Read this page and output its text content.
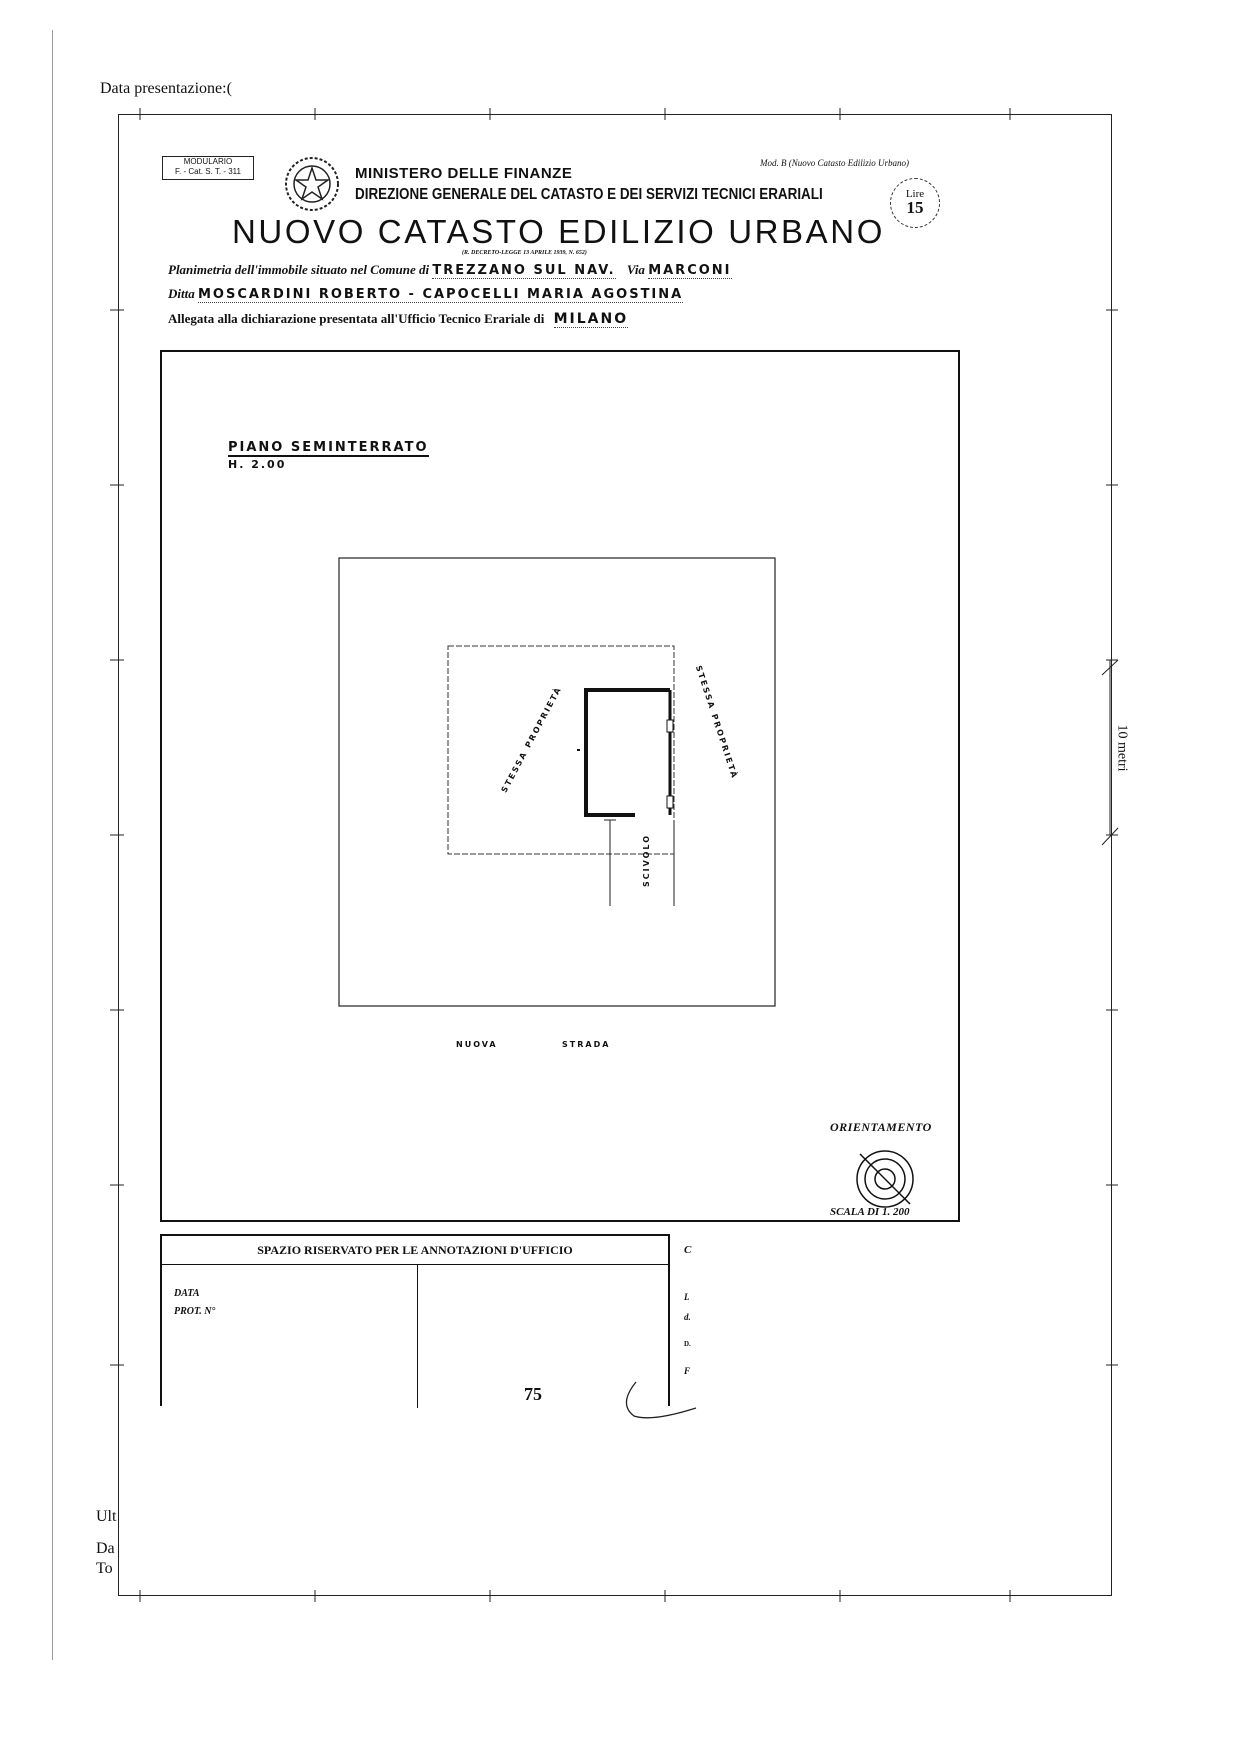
Data presentazione:(
MODULARIO
F. - Cat. S. T. - 311
Mod. B (Nuovo Catasto Edilizio Urbano)
MINISTERO DELLE FINANZE
DIREZIONE GENERALE DEL CATASTO E DEI SERVIZI TECNICI ERARIALI	Lire
15
NUOVO CATASTO EDILIZIO URBANO
(R. DECRETO-LEGGE 13 APRILE 1939, N. 652)
Planimetria dell'immobile situato nel Comune di TREZZANO SUL NAV. Via MARCONI
Ditta MOSCARDINI ROBERTO - CAPOCELLI MARIA AGOSTINA
Allegata alla dichiarazione presentata all'Ufficio Tecnico Erariale di MILANO
PIANO SEMINTERRATO
H. 2.00
STESSA PROPRIETÀ	STESSA PROPRIETÀ
SCIVOLO
NUOVA	STRADA
ORIENTAMENTO
SCALA DI 1. 200
10 metri
SPAZIO RISERVATO PER LE ANNOTAZIONI D'UFFICIO
DATA
PROT. N°
75
C
L
d.
D.
F
Ult
Da
To
